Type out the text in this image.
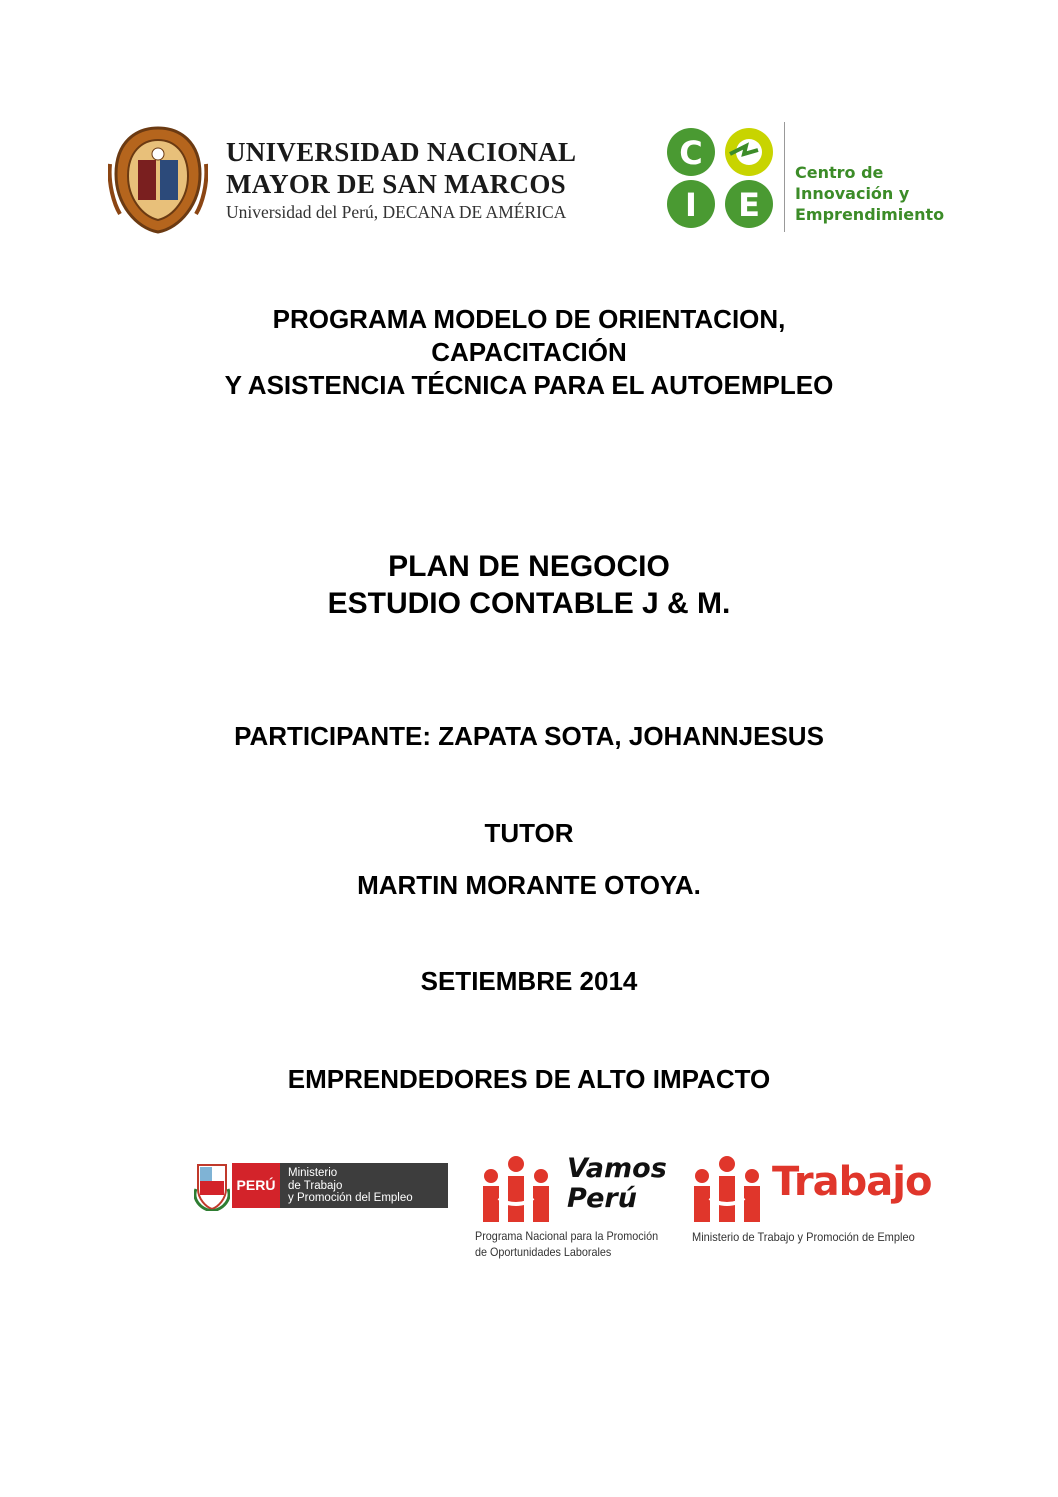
UNIVERSIDAD NACIONAL
MAYOR DE SAN MARCOS
Universidad del Perú, DECANA DE AMÉRICA
C
I E
Centro de
Innovación y
Emprendimiento
PROGRAMA MODELO DE ORIENTACION,
CAPACITACIÓN
Y ASISTENCIA TÉCNICA PARA EL AUTOEMPLEO
PLAN DE NEGOCIO
ESTUDIO CONTABLE J & M.
PARTICIPANTE: ZAPATA SOTA, JOHANNJESUS
TUTOR
MARTIN MORANTE OTOYA.
SETIEMBRE 2014
EMPRENDEDORES DE ALTO IMPACTO
PERÚ
Ministerio
de Trabajo
y Promoción del Empleo
Vamos
Perú
Programa Nacional para la Promoción
de Oportunidades Laborales
Trabajo
Ministerio de Trabajo y Promoción de Empleo
